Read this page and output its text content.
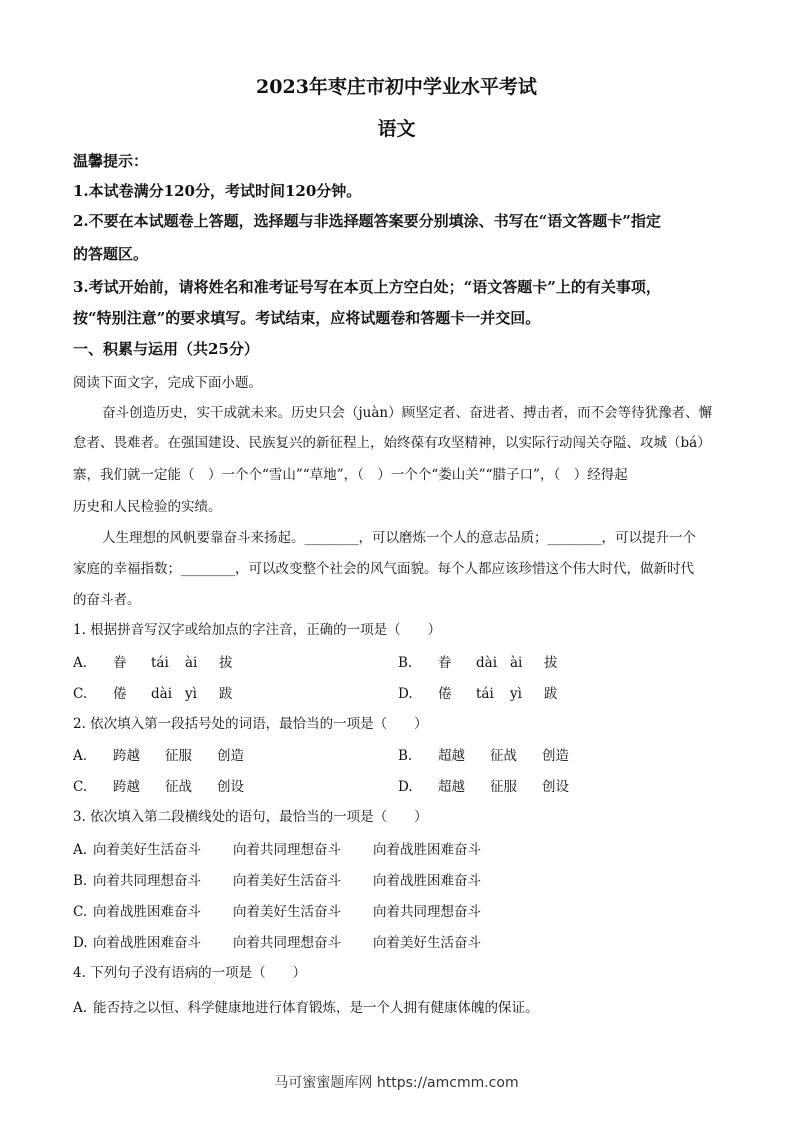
2023年枣庄市初中学业水平考试
语文
温馨提示：
1.本试卷满分120分，考试时间120分钟。
2.不要在本试题卷上答题，选择题与非选择题答案要分别填涂、书写在“语文答题卡”指定
的答题区。
3.考试开始前，请将姓名和准考证号写在本页上方空白处；“语文答题卡”上的有关事项，
按“特别注意”的要求填写。考试结束，应将试题卷和答题卡一并交回。
一、积累与运用（共25分）
阅读下面文字，完成下面小题。
奋斗创造历史，实干成就未来。历史只会（juàn）顾坚定者、奋进者、搏击者，而不会等待犹豫者、懈
怠者、畏难者。在强国建设、民族复兴的新征程上，始终葆有攻坚精神，以实际行动闯关夺隘、攻城（bá）
寨，我们就一定能（　）一个个“雪山”“草地”，（　）一个个“娄山关”“腊子口”，（　）经得起
历史和人民检验的实绩。
人生理想的风帆要靠奋斗来扬起。________，可以磨炼一个人的意志品质；________，可以提升一个
家庭的幸福指数；________，可以改变整个社会的风气面貌。每个人都应该珍惜这个伟大时代，做新时代
的奋斗者。
1. 根据拼音写汉字或给加点的字注音，正确的一项是（　　）
A. 眷 tái ài 拔	B. 眷 dài ài 拔
C. 倦 dài yì 跋	D. 倦 tái yì 跋
2. 依次填入第一段括号处的词语，最恰当的一项是（　　）
A. 跨越 征服 创造	B. 超越 征战 创造
C. 跨越 征战 创设	D. 超越 征服 创设
3. 依次填入第二段横线处的语句，最恰当的一项是（　　）
A. 向着美好生活奋斗 向着共同理想奋斗 向着战胜困难奋斗
B. 向着共同理想奋斗 向着美好生活奋斗 向着战胜困难奋斗
C. 向着战胜困难奋斗 向着美好生活奋斗 向着共同理想奋斗
D. 向着战胜困难奋斗 向着共同理想奋斗 向着美好生活奋斗
4. 下列句子没有语病的一项是（　　）
A. 能否持之以恒、科学健康地进行体育锻炼，是一个人拥有健康体魄的保证。
马可蜜蜜题库网 https://amcmm.com
